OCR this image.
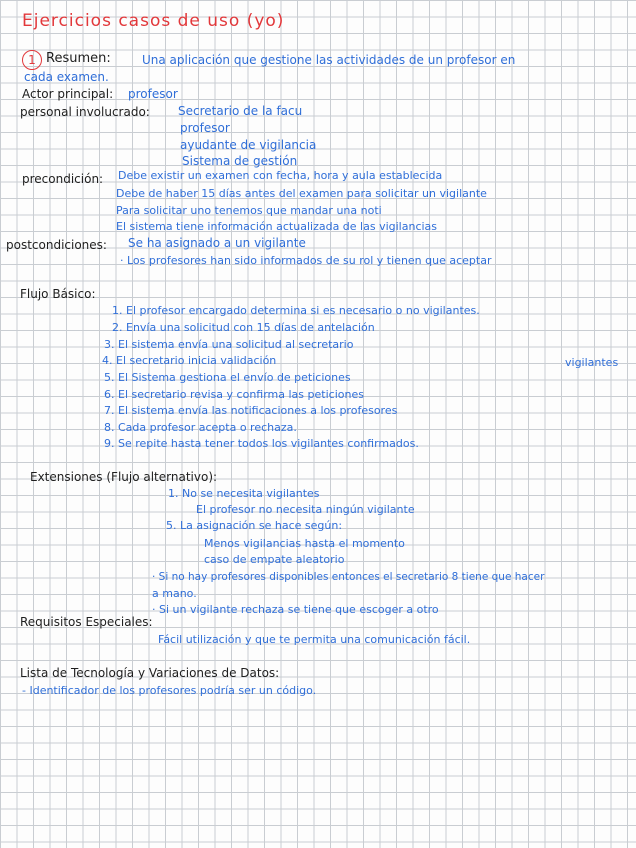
Ejercicios casos de uso (yo)
1 Resumen:	Una aplicación que gestione las actividades de un profesor en
cada examen.
Actor principal: profesor
personal involucrado: Secretario de la facu
profesor
ayudante de vigilancia
Sistema de gestión
precondición: Debe existir un examen con fecha, hora y aula establecida
Debe de haber 15 días antes del examen para solicitar un vigilante
Para solicitar uno tenemos que mandar una noti
El sistema tiene información actualizada de las vigilancias
postcondiciones: Se ha asignado a un vigilante
· Los profesores han sido informados de su rol y tienen que aceptar
Flujo Básico:
1. El profesor encargado determina si es necesario o no vigilantes.
2. Envía una solicitud con 15 días de antelación
3. El sistema envía una solicitud al secretario
4. El secretario inicia validación	vigilantes
5. El Sistema gestiona el envío de peticiones
6. El secretario revisa y confirma las peticiones
7. El sistema envía las notificaciones a los profesores
8. Cada profesor acepta o rechaza.
9. Se repite hasta tener todos los vigilantes confirmados.
Extensiones (Flujo alternativo):
1. No se necesita vigilantes
El profesor no necesita ningún vigilante
5. La asignación se hace según:
Menos vigilancias hasta el momento
caso de empate aleatorio
· Si no hay profesores disponibles entonces el secretario 8 tiene que hacer
a mano.
· Si un vigilante rechaza se tiene que escoger a otro
Requisitos Especiales:
Fácil utilización y que te permita una comunicación fácil.
Lista de Tecnología y Variaciones de Datos:
- Identificador de los profesores podría ser un código.
